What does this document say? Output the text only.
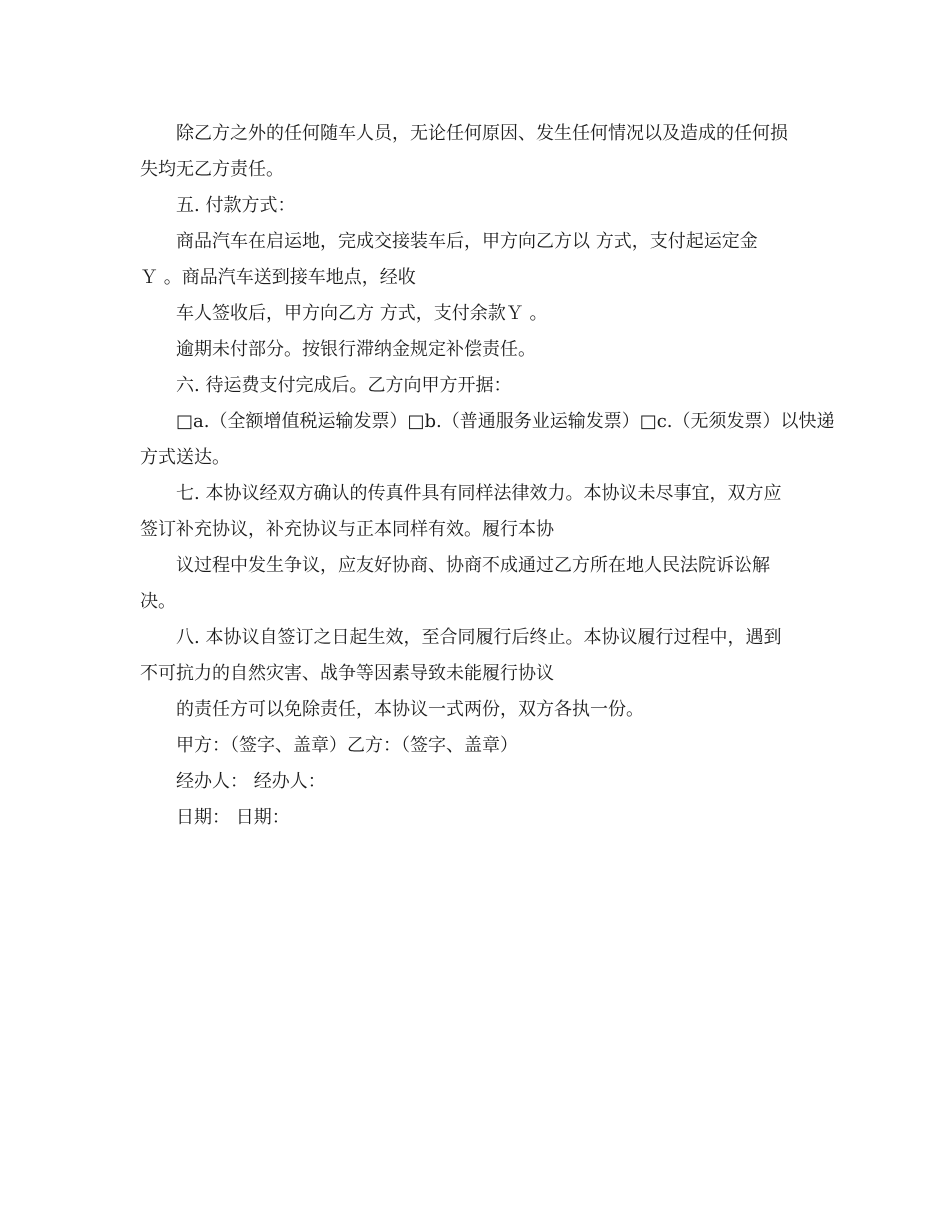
除乙方之外的任何随车人员，无论任何原因、发生任何情况以及造成的任何损
失均无乙方责任。
五. 付款方式：
商品汽车在启运地，完成交接装车后，甲方向乙方以 方式，支付起运定金
Ｙ 。商品汽车送到接车地点，经收
车人签收后，甲方向乙方 方式，支付余款Ｙ 。
逾期未付部分。按银行滞纳金规定补偿责任。
六. 待运费支付完成后。乙方向甲方开据：
□a.（全额增值税运输发票）□b.（普通服务业运输发票）□c.（无须发票）以快递
方式送达。
七. 本协议经双方确认的传真件具有同样法律效力。本协议未尽事宜，双方应
签订补充协议，补充协议与正本同样有效。履行本协
议过程中发生争议，应友好协商、协商不成通过乙方所在地人民法院诉讼解
决。
八. 本协议自签订之日起生效，至合同履行后终止。本协议履行过程中，遇到
不可抗力的自然灾害、战争等因素导致未能履行协议
的责任方可以免除责任，本协议一式两份，双方各执一份。
甲方：（签字、盖章）乙方：（签字、盖章）
经办人： 经办人：
日期： 日期：
